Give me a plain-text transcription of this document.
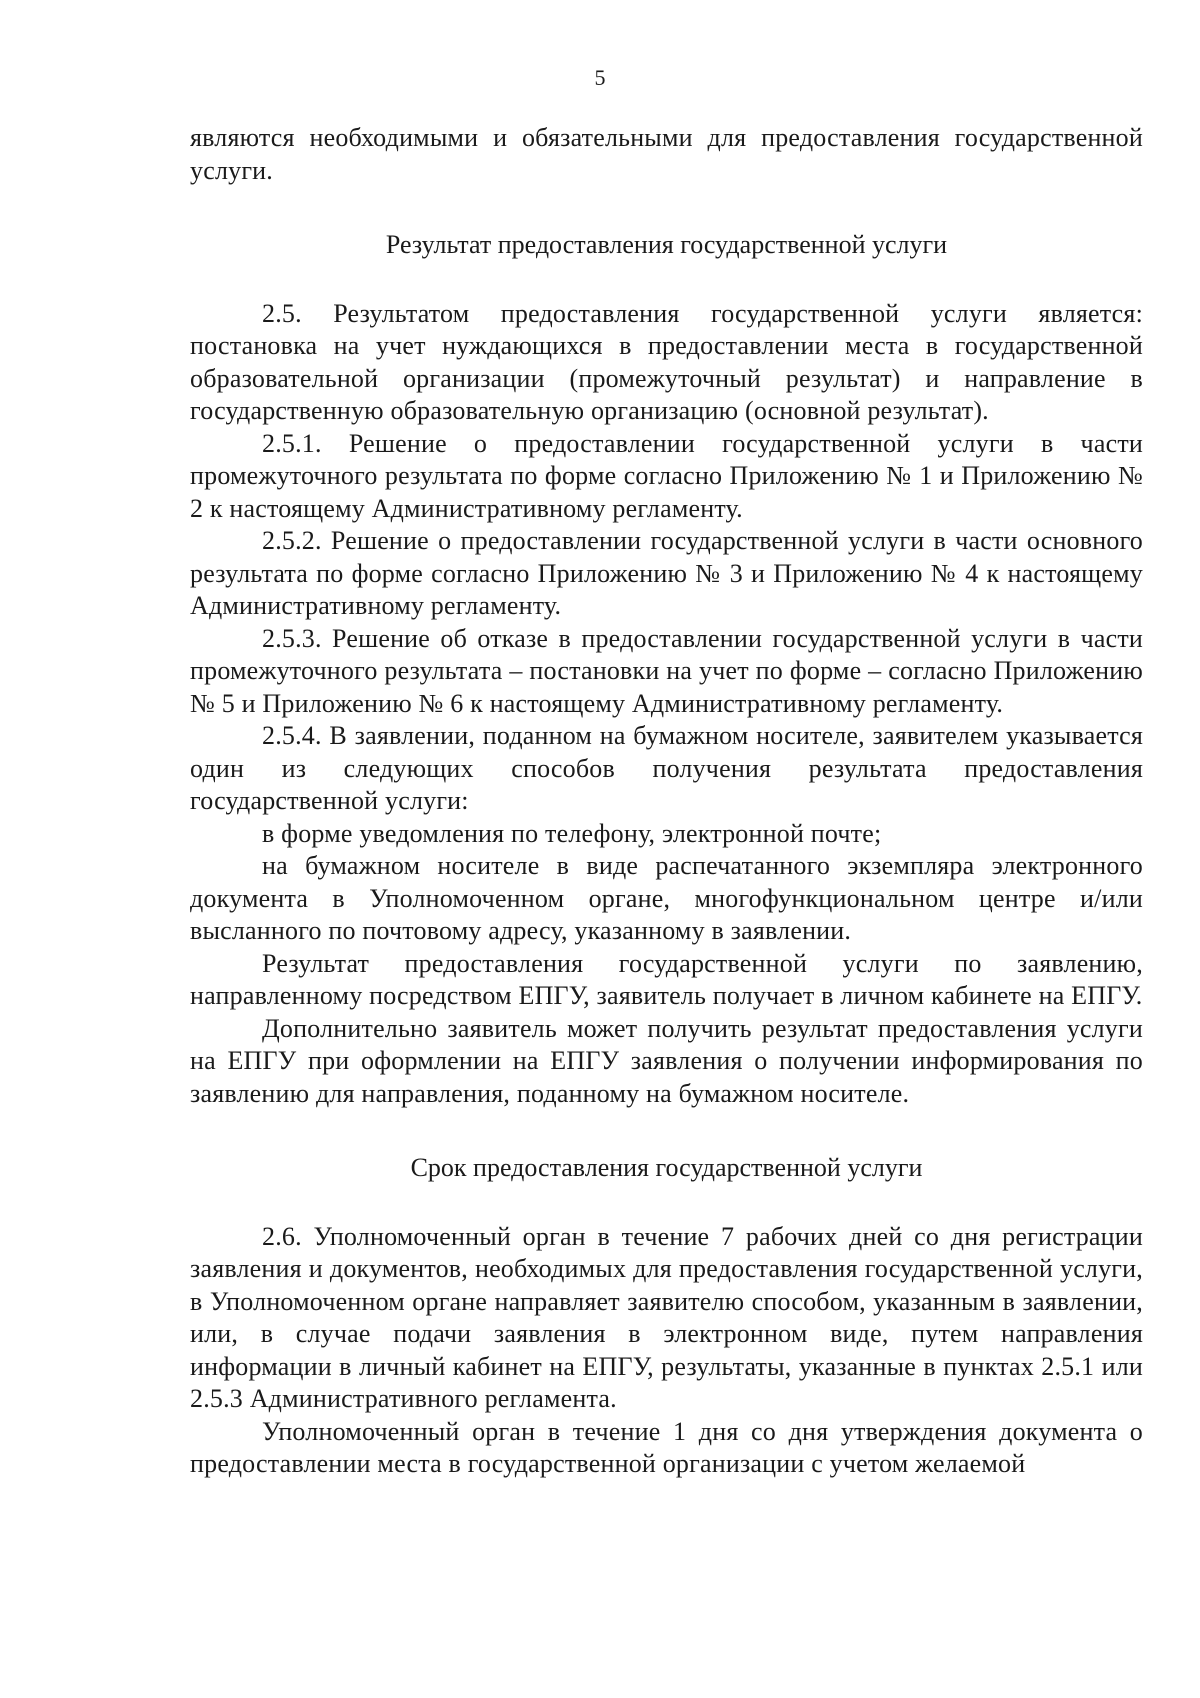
5

являются необходимыми и обязательными для предоставления государственной услуги.

Результат предоставления государственной услуги

2.5. Результатом предоставления государственной услуги является: постановка на учет нуждающихся в предоставлении места в государственной образовательной организации (промежуточный результат) и направление в государственную образовательную организацию (основной результат).

2.5.1. Решение о предоставлении государственной услуги в части промежуточного результата по форме согласно Приложению № 1 и Приложению № 2 к настоящему Административному регламенту.

2.5.2. Решение о предоставлении государственной услуги в части основного результата по форме согласно Приложению № 3 и Приложению № 4 к настоящему Административному регламенту.

2.5.3. Решение об отказе в предоставлении государственной услуги в части промежуточного результата – постановки на учет по форме – согласно Приложению № 5 и Приложению № 6 к настоящему Административному регламенту.

2.5.4. В заявлении, поданном на бумажном носителе, заявителем указывается один из следующих способов получения результата предоставления государственной услуги:

в форме уведомления по телефону, электронной почте;

на бумажном носителе в виде распечатанного экземпляра электронного документа в Уполномоченном органе, многофункциональном центре и/или высланного по почтовому адресу, указанному в заявлении.

Результат предоставления государственной услуги по заявлению, направленному посредством ЕПГУ, заявитель получает в личном кабинете на ЕПГУ.

Дополнительно заявитель может получить результат предоставления услуги на ЕПГУ при оформлении на ЕПГУ заявления о получении информирования по заявлению для направления, поданному на бумажном носителе.

Срок предоставления государственной услуги

2.6. Уполномоченный орган в течение 7 рабочих дней со дня регистрации заявления и документов, необходимых для предоставления государственной услуги, в Уполномоченном органе направляет заявителю способом, указанным в заявлении, или, в случае подачи заявления в электронном виде, путем направления информации в личный кабинет на ЕПГУ, результаты, указанные в пунктах 2.5.1 или 2.5.3 Административного регламента.

Уполномоченный орган в течение 1 дня со дня утверждения документа о предоставлении места в государственной организации с учетом желаемой
